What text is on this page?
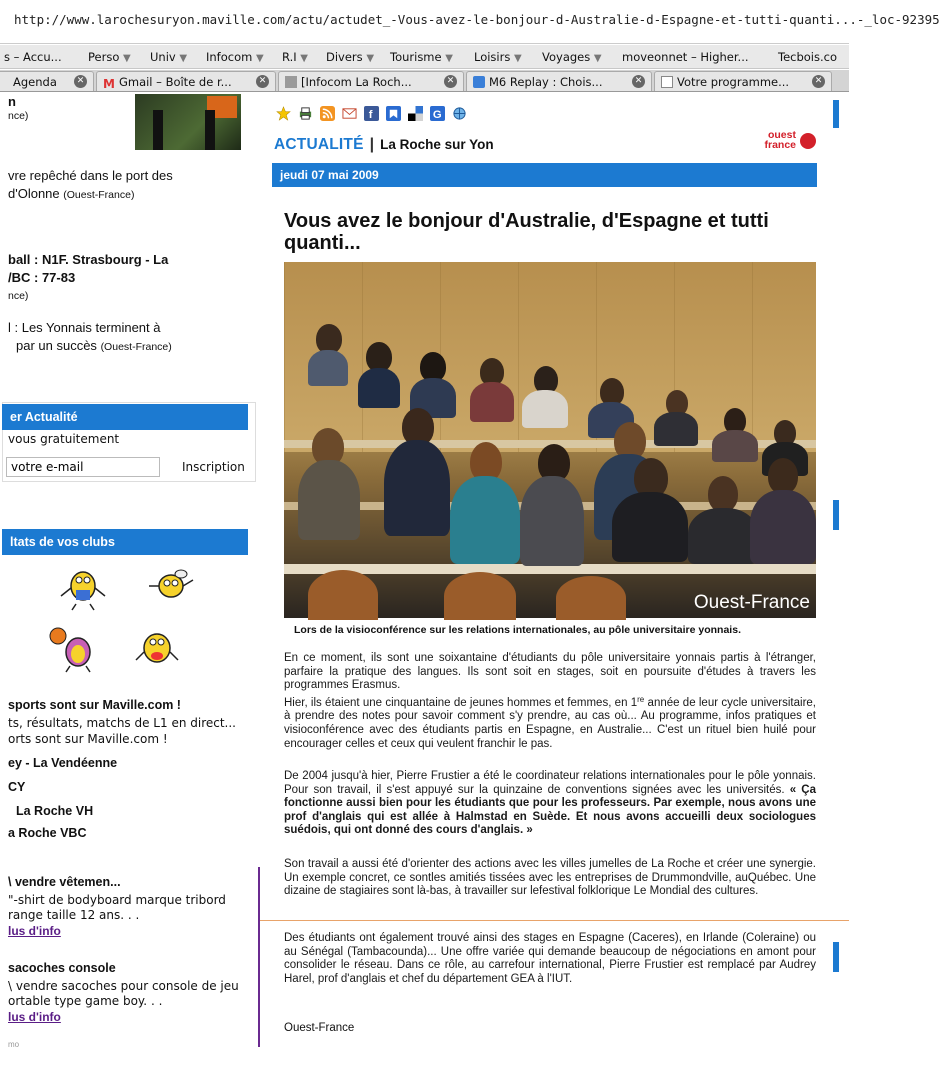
http://www.larochesuryon.maville.com/actu/actudet_-Vous-avez-le-bonjour-d-Australie-d-Espagne-et-tutti-quanti...-_loc-92395
s – Accu... Perso ▼ Univ ▼ Infocom ▼ R.I ▼ Divers ▼ Tourisme ▼ Loisirs ▼ Voyages ▼ moveonnet – Higher...	Tecbois.co
Agenda	✕	M Gmail – Boîte de r...	✕	[Infocom La Roch...	✕	M6 Replay : Chois...	✕	Votre programme...	✕
n
nce)
vre repêché dans le port des
d'Olonne (Ouest-France)
ball : N1F. Strasbourg - La
/BC : 77-83
nce)
l : Les Yonnais terminent à
par un succès (Ouest-France)
er Actualité
vous gratuitement
votre e-mail
Inscription
ltats de vos clubs
sports sont sur Maville.com !
ts, résultats, matchs de L1 en direct...
orts sont sur Maville.com !
ey - La Vendéenne
CY
La Roche VH
a Roche VBC
\ vendre vêtemen...
"-shirt de bodyboard marque tribord
range taille 12 ans. . .
lus d'info
sacoches console
\ vendre sacoches pour console de jeu
ortable type game boy. . .
lus d'info
mo
f	G
ACTUALITÉ | La Roche sur Yon
ouest
france
jeudi 07 mai 2009
Vous avez le bonjour d'Australie, d'Espagne et tutti quanti...
Ouest-France
Lors de la visioconférence sur les relations internationales, au pôle universitaire yonnais.
En ce moment, ils sont une soixantaine d'étudiants du pôle universitaire yonnais partis à l'étranger, parfaire la pratique des langues. Ils sont soit en stages, soit en poursuite d'études à travers les programmes Erasmus.
Hier, ils étaient une cinquantaine de jeunes hommes et femmes, en 1re année de leur cycle universitaire, à prendre des notes pour savoir comment s'y prendre, au cas où... Au programme, infos pratiques et visioconférence avec des étudiants partis en Espagne, en Australie... C'est un rituel bien huilé pour encourager celles et ceux qui veulent franchir le pas.
De 2004 jusqu'à hier, Pierre Frustier a été le coordinateur relations internationales pour le pôle yonnais. Pour son travail, il s'est appuyé sur la quinzaine de conventions signées avec les universités. « Ça fonctionne aussi bien pour les étudiants que pour les professeurs. Par exemple, nous avons une prof d'anglais qui est allée à Halmstad en Suède. Et nous avons accueilli deux sociologues suédois, qui ont donné des cours d'anglais. »
Son travail a aussi été d'orienter des actions avec les villes jumelles de La Roche et créer une synergie. Un exemple concret, ce sontles amitiés tissées avec les entreprises de Drummondville, auQuébec. Une dizaine de stagiaires sont là-bas, à travailler sur lefestival folklorique Le Mondial des cultures.
Des étudiants ont également trouvé ainsi des stages en Espagne (Caceres), en Irlande (Coleraine) ou au Sénégal (Tambacounda)... Une offre variée qui demande beaucoup de négociations en amont pour consolider le réseau. Dans ce rôle, au carrefour international, Pierre Frustier est remplacé par Audrey Harel, prof d'anglais et chef du département GEA à l'IUT.
Ouest-France
